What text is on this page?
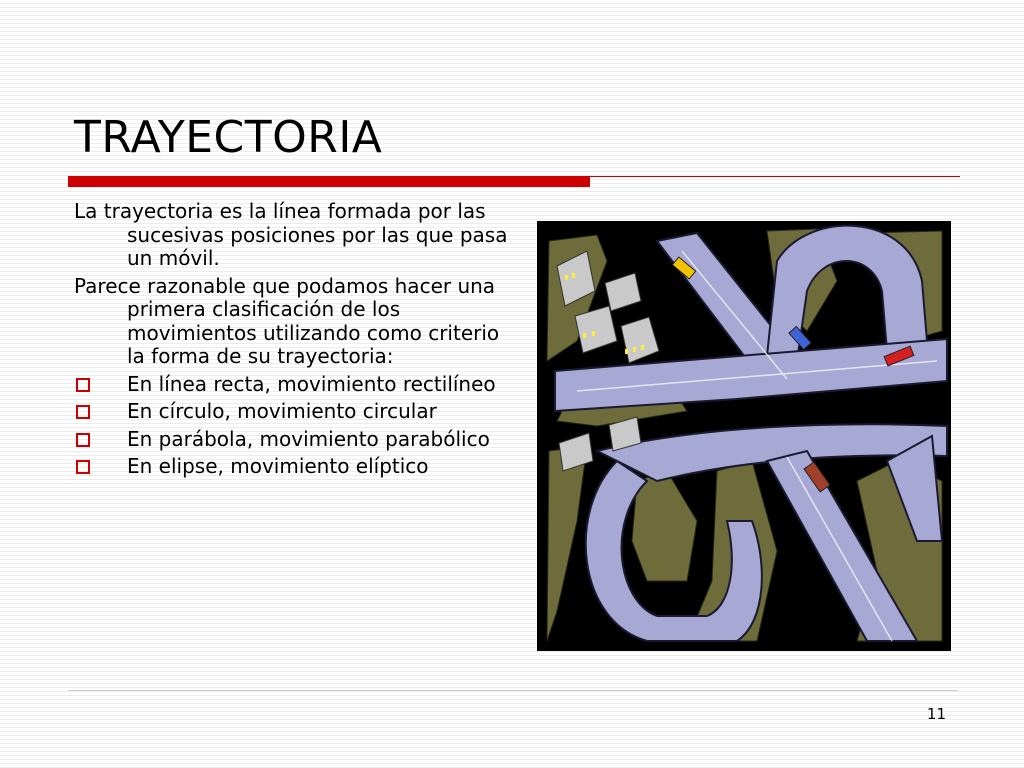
TRAYECTORIA

La trayectoria es la línea formada por las sucesivas posiciones por las que pasa un móvil.

Parece razonable que podamos hacer una primera clasificación de los movimientos utilizando como criterio la forma de su trayectoria:

En línea recta, movimiento rectilíneo
En círculo, movimiento circular
En parábola, movimiento parabólico
En elipse, movimiento elíptico
11
